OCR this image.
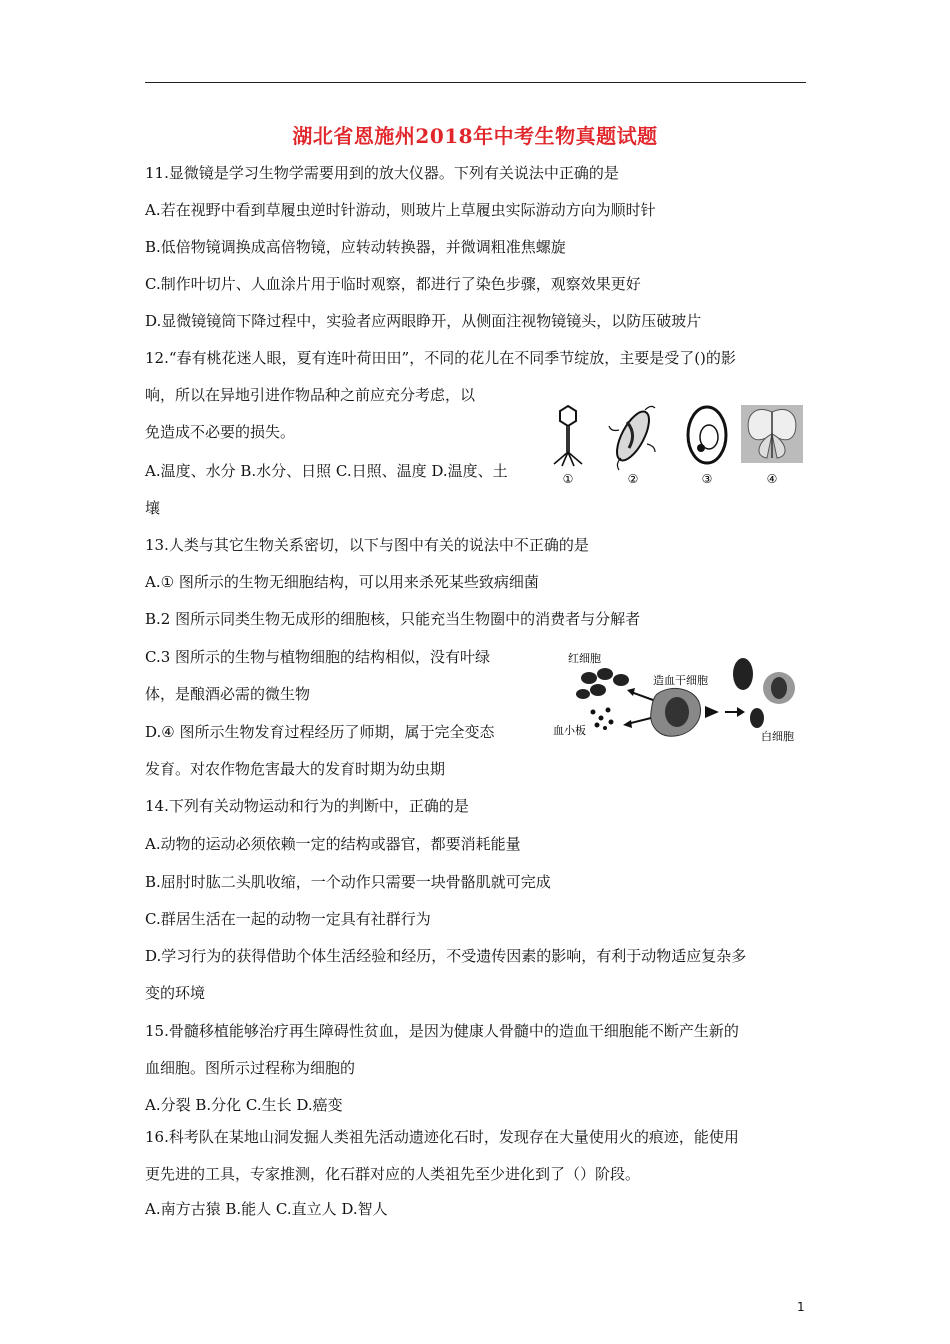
湖北省恩施州2018年中考生物真题试题
11.显微镜是学习生物学需要用到的放大仪器。下列有关说法中正确的是
A.若在视野中看到草履虫逆时针游动，则玻片上草履虫实际游动方向为顺时针
B.低倍物镜调换成高倍物镜，应转动转换器，并微调粗准焦螺旋
C.制作叶切片、人血涂片用于临时观察，都进行了染色步骤，观察效果更好
D.显微镜镜筒下降过程中，实验者应两眼睁开，从侧面注视物镜镜头，以防压破玻片
12.“春有桃花迷人眼，夏有连叶荷田田”，不同的花儿在不同季节绽放，主要是受了()的影
响，所以在异地引进作物品种之前应充分考虑，以
免造成不必要的损失。
A.温度、水分 B.水分、日照 C.日照、温度 D.温度、土
壤
13.人类与其它生物关系密切，以下与图中有关的说法中不正确的是
A.① 图所示的生物无细胞结构，可以用来杀死某些致病细菌
B.2 图所示同类生物无成形的细胞核，只能充当生物圈中的消费者与分解者
C.3 图所示的生物与植物细胞的结构相似，没有叶绿
体，是酿酒必需的微生物
D.④ 图所示生物发育过程经历了师期，属于完全变态
发育。对农作物危害最大的发育时期为幼虫期
14.下列有关动物运动和行为的判断中，正确的是
A.动物的运动必须依赖一定的结构或器官，都要消耗能量
B.屈肘时肱二头肌收缩，一个动作只需要一块骨骼肌就可完成
C.群居生活在一起的动物一定具有社群行为
D.学习行为的获得借助个体生活经验和经历，不受遗传因素的影响，有利于动物适应复杂多
变的环境
15.骨髓移植能够治疗再生障碍性贫血，是因为健康人骨髓中的造血干细胞能不断产生新的
血细胞。图所示过程称为细胞的
A.分裂 B.分化 C.生长 D.癌变
16.科考队在某地山洞发掘人类祖先活动遗迹化石时，发现存在大量使用火的痕迹，能使用
更先进的工具，专家推测，化石群对应的人类祖先至少进化到了（）阶段。
A.南方古猿 B.能人 C.直立人 D.智人
①	②	③	④
红细胞
造血干细胞
血小板	白细胞
1
